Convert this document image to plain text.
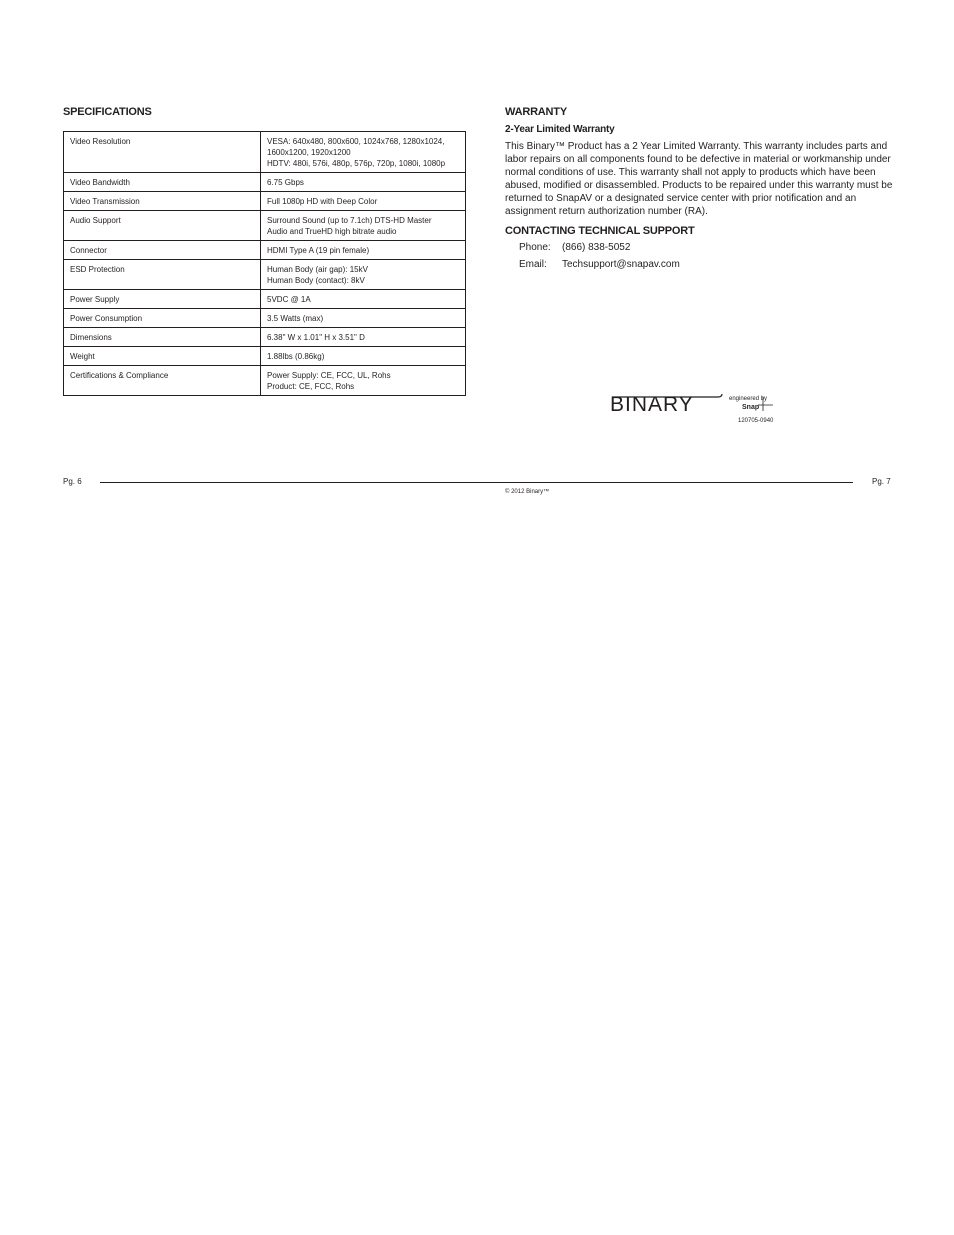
SPECIFICATIONS
Video Resolution	VESA: 640x480, 800x600, 1024x768, 1280x1024,
1600x1200, 1920x1200
HDTV: 480i, 576i, 480p, 576p, 720p, 1080i, 1080p
Video Bandwidth	6.75 Gbps
Video Transmission	Full 1080p HD with Deep Color
Audio Support	Surround Sound (up to 7.1ch) DTS-HD Master
Audio and TrueHD high bitrate audio
Connector	HDMI Type A (19 pin female)
ESD Protection	Human Body (air gap): 15kV
Human Body (contact): 8kV
Power Supply	5VDC @ 1A
Power Consumption	3.5 Watts (max)
Dimensions	6.38" W x 1.01" H x 3.51" D
Weight	1.88lbs (0.86kg)
Certifications & Compliance	Power Supply: CE, FCC, UL, Rohs
Product: CE, FCC, Rohs
WARRANTY
2-Year Limited Warranty

This Binary™ Product has a 2 Year Limited Warranty. This warranty includes parts and labor repairs on all components found to be defective in material or workmanship under normal conditions of use. This warranty shall not apply to products which have been abused, modified or disassembled. Products to be repaired under this warranty must be returned to SnapAV or a designated service center with prior notification and an assignment return authorization number (RA).

CONTACTING TECHNICAL SUPPORT
Phone: (866) 838-5052
Email: Techsupport@snapav.com
BINARY	engineered by
Snap
120705-0940
Pg. 6	Pg. 7
© 2012 Binary™
